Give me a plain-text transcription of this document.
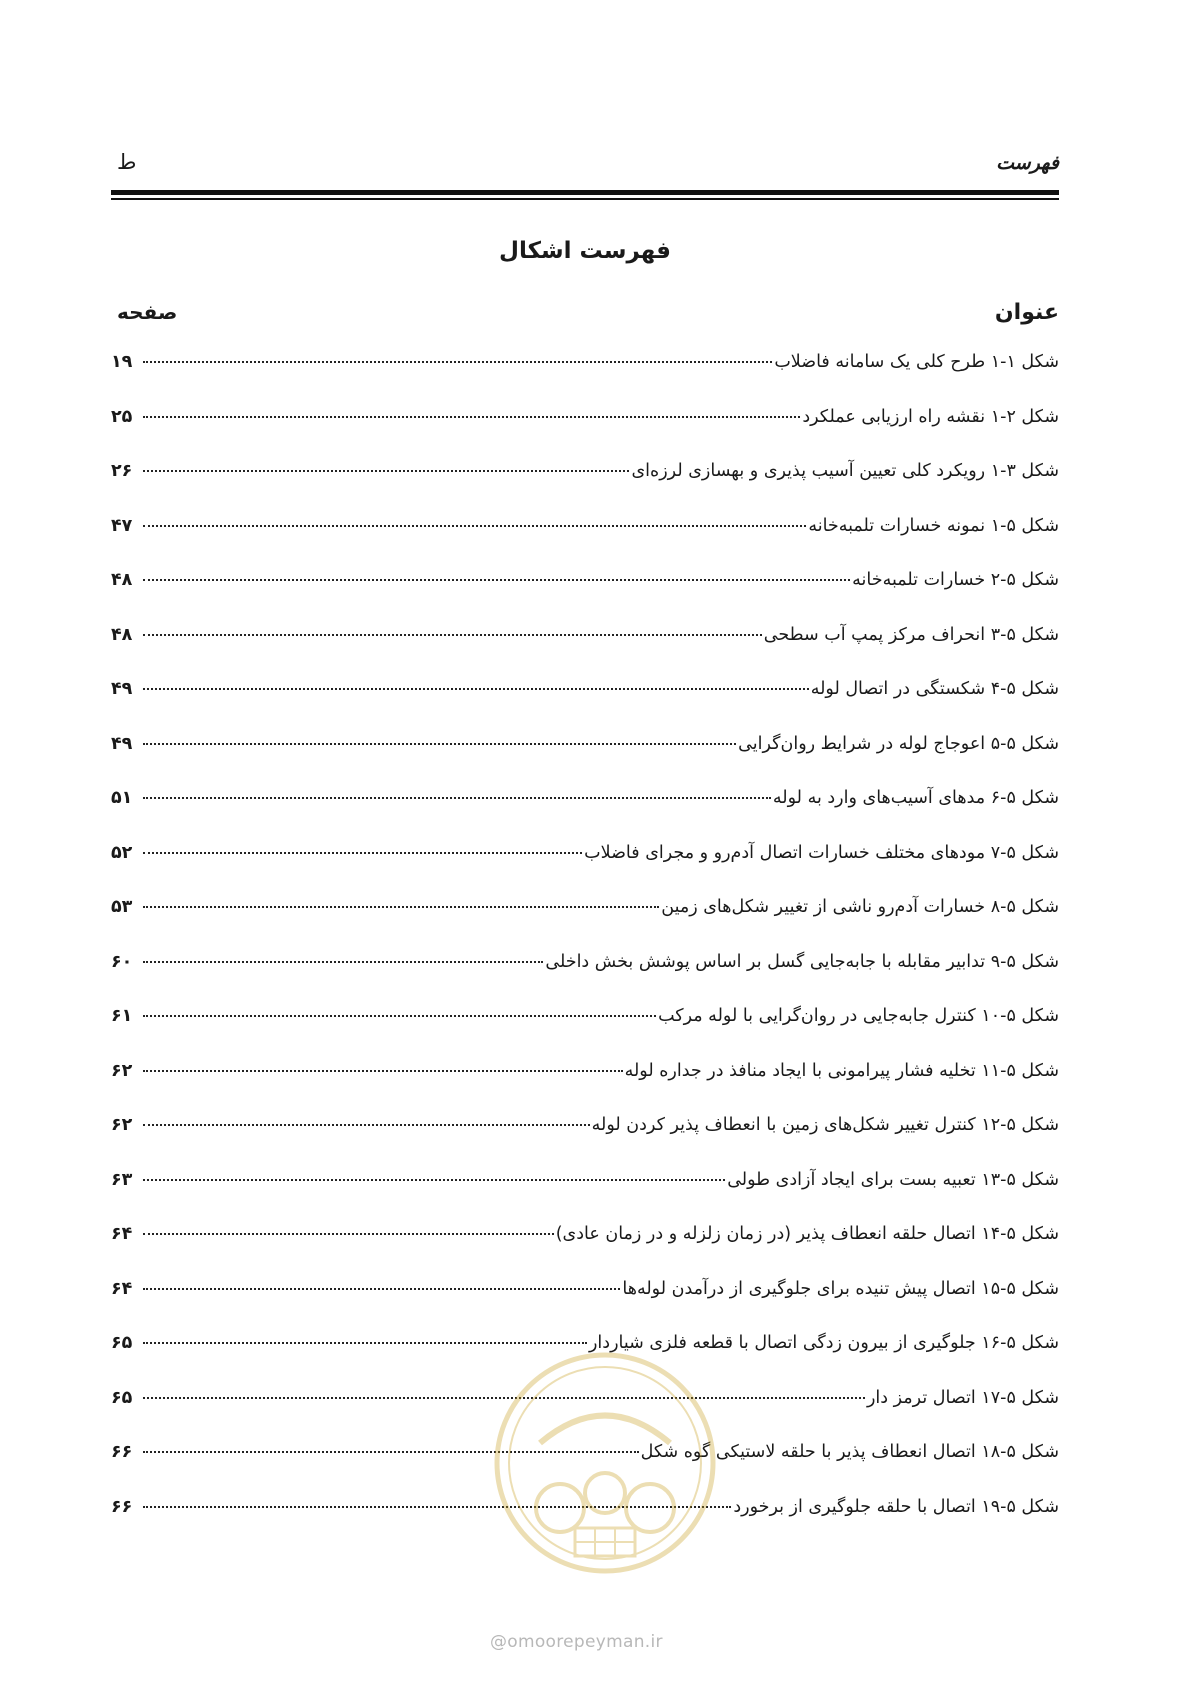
فهرست
ط
فهرست اشکال
عنوان
صفحه
شکل ۱-۱ طرح کلی یک سامانه فاضلاب
۱۹
شکل ۲-۱ نقشه راه ارزیابی عملکرد
۲۵
شکل ۳-۱ رویکرد کلی تعیین آسیب پذیری و بهسازی لرزه‌ای
۲۶
شکل ۵-۱ نمونه خسارات تلمبه‌خانه
۴۷
شکل ۵-۲ خسارات تلمبه‌خانه
۴۸
شکل ۵-۳ انحراف مرکز پمپ آب سطحی
۴۸
شکل ۵-۴ شکستگی در اتصال لوله
۴۹
شکل ۵-۵ اعوجاج لوله در شرایط روان‌گرایی
۴۹
شکل ۵-۶ مدهای آسیب‌های وارد به لوله
۵۱
شکل ۵-۷ مودهای مختلف خسارات اتصال آدم‌رو و مجرای فاضلاب
۵۲
شکل ۵-۸ خسارات آدم‌رو ناشی از تغییر شکل‌های زمین
۵۳
شکل ۵-۹ تدابیر مقابله با جابه‌جایی گسل بر اساس پوشش بخش داخلی
۶۰
شکل ۵-۱۰ کنترل جابه‌جایی در روان‌گرایی با لوله مرکب
۶۱
شکل ۵-۱۱ تخلیه فشار پیرامونی با ایجاد منافذ در جداره لوله
۶۲
شکل ۵-۱۲ کنترل تغییر شکل‌های زمین با انعطاف پذیر کردن لوله
۶۲
شکل ۵-۱۳ تعبیه بست برای ایجاد آزادی طولی
۶۳
شکل ۵-۱۴ اتصال حلقه انعطاف پذیر (در زمان زلزله و در زمان عادی)
۶۴
شکل ۵-۱۵ اتصال پیش تنیده برای جلوگیری از درآمدن لوله‌ها
۶۴
شکل ۵-۱۶ جلوگیری از بیرون زدگی اتصال با قطعه فلزی شیاردار
۶۵
شکل ۵-۱۷ اتصال ترمز دار
۶۵
شکل ۵-۱۸ اتصال انعطاف پذیر با حلقه لاستیکی گوه شکل
۶۶
شکل ۵-۱۹ اتصال با حلقه جلوگیری از برخورد
۶۶
@omoorepeyman.ir
